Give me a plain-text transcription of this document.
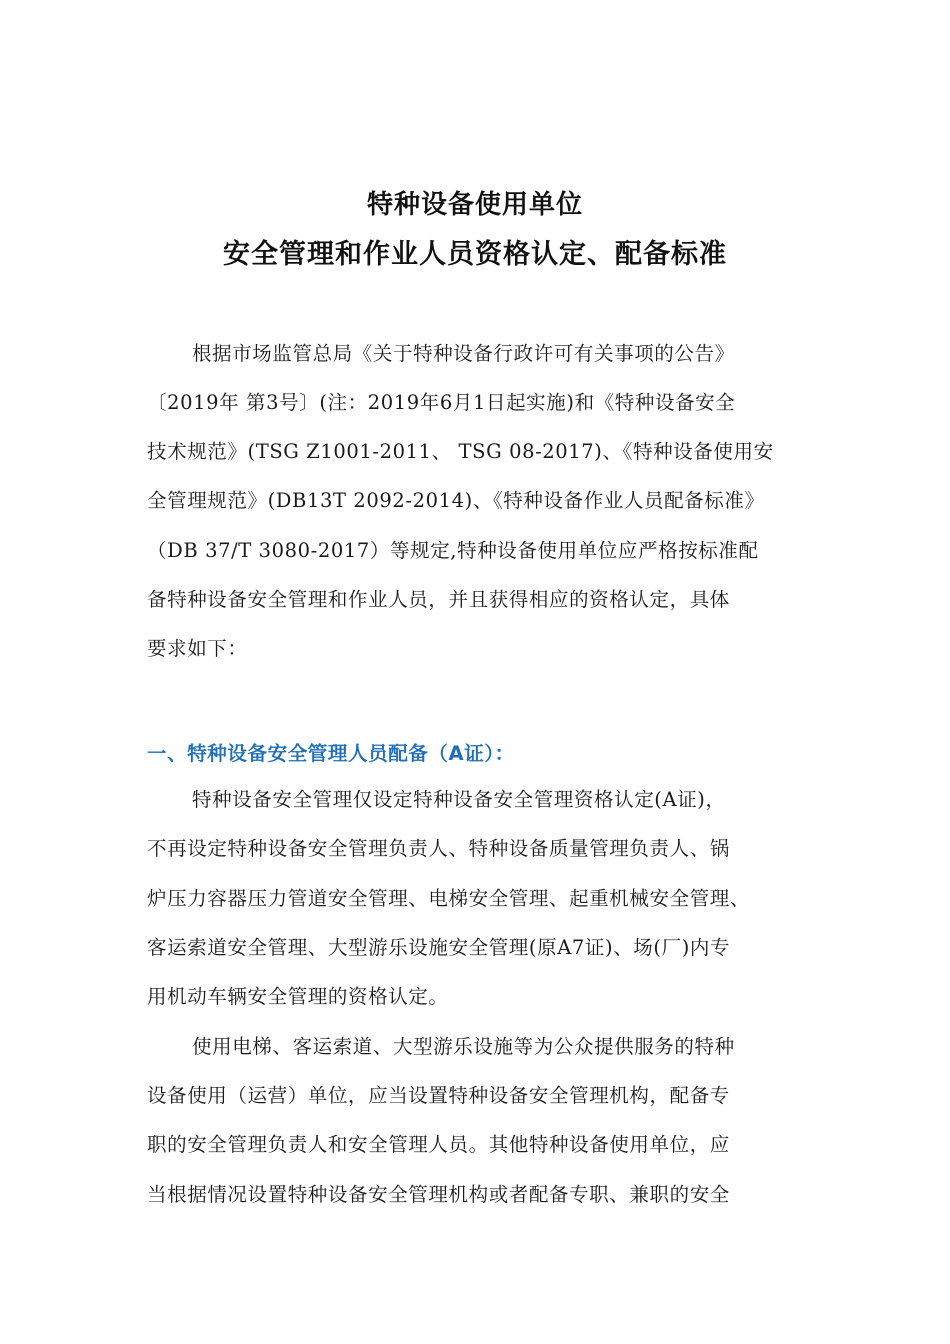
特种设备使用单位
安全管理和作业人员资格认定、配备标准
根据市场监管总局《关于特种设备行政许可有关事项的公告》
〔2019年 第3号〕(注：2019年6月1日起实施)和《特种设备安全
技术规范》(TSG Z1001-2011、 TSG 08-2017)、《特种设备使用安
全管理规范》(DB13T 2092-2014)、《特种设备作业人员配备标准》
（DB 37/T 3080-2017）等规定,特种设备使用单位应严格按标准配
备特种设备安全管理和作业人员，并且获得相应的资格认定，具体
要求如下：
一、特种设备安全管理人员配备（A证）：
特种设备安全管理仅设定特种设备安全管理资格认定(A证)，
不再设定特种设备安全管理负责人、特种设备质量管理负责人、锅
炉压力容器压力管道安全管理、电梯安全管理、起重机械安全管理、
客运索道安全管理、大型游乐设施安全管理(原A7证)、场(厂)内专
用机动车辆安全管理的资格认定。
使用电梯、客运索道、大型游乐设施等为公众提供服务的特种
设备使用（运营）单位，应当设置特种设备安全管理机构，配备专
职的安全管理负责人和安全管理人员。其他特种设备使用单位，应
当根据情况设置特种设备安全管理机构或者配备专职、兼职的安全
